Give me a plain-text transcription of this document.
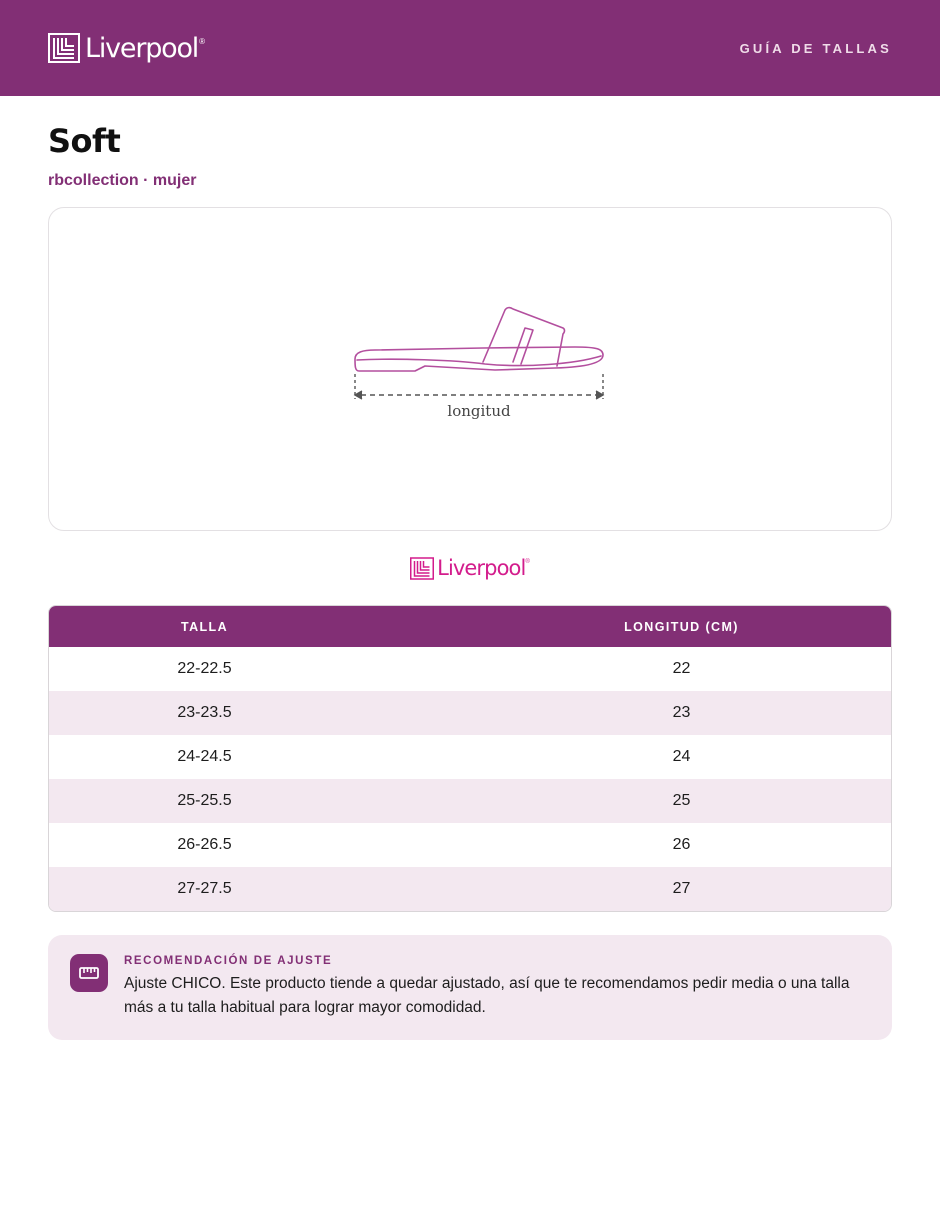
Liverpool ®	GUÍA DE TALLAS
Soft
rbcollection · mujer
longitud
Liverpool ®
TALLA	LONGITUD (CM)
22-22.5	22
23-23.5	23
24-24.5	24
25-25.5	25
26-26.5	26
27-27.5	27
RECOMENDACIÓN DE AJUSTE

Ajuste CHICO. Este producto tiende a quedar ajustado, así que te recomendamos pedir media o una talla más a tu talla habitual para lograr mayor comodidad.
